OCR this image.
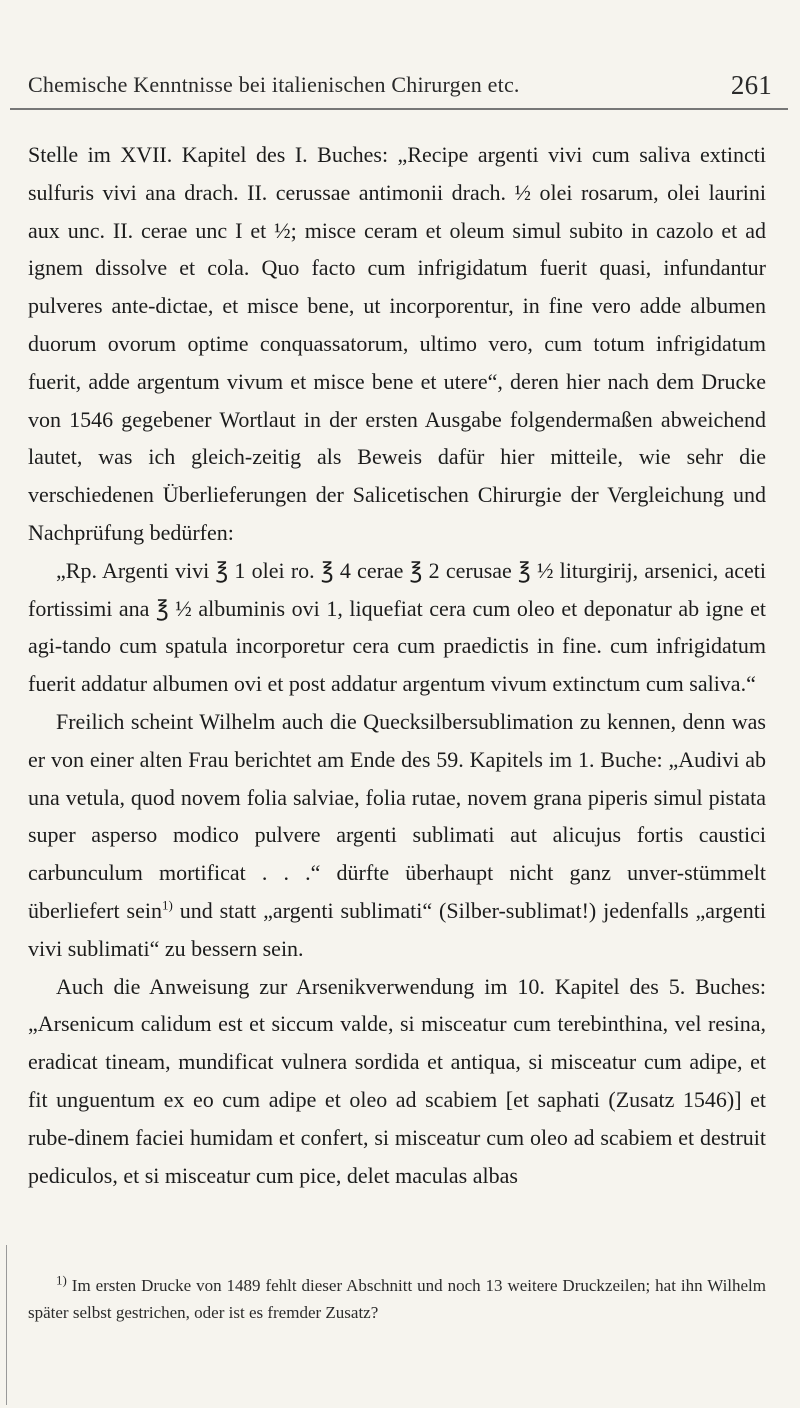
Chemische Kenntnisse bei italienischen Chirurgen etc.	261

Stelle im XVII. Kapitel des I. Buches: „Recipe argenti vivi cum saliva extincti sulfuris vivi ana drach. II. cerussae antimonii drach. ½ olei rosarum, olei laurini aux unc. II. cerae unc I et ½; misce ceram et oleum simul subito in cazolo et ad ignem dissolve et cola. Quo facto cum infrigidatum fuerit quasi, infundantur pulveres ante-dictae, et misce bene, ut incorporentur, in fine vero adde albumen duorum ovorum optime conquassatorum, ultimo vero, cum totum infrigidatum fuerit, adde argentum vivum et misce bene et utere“, deren hier nach dem Drucke von 1546 gegebener Wortlaut in der ersten Ausgabe folgendermaßen abweichend lautet, was ich gleich-zeitig als Beweis dafür hier mitteile, wie sehr die verschiedenen Überlieferungen der Salicetischen Chirurgie der Vergleichung und Nachprüfung bedürfen:

„Rp. Argenti vivi ℥ 1 olei ro. ℥ 4 cerae ℥ 2 cerusae ℥ ½ liturgirij, arsenici, aceti fortissimi ana ℥ ½ albuminis ovi 1, liquefiat cera cum oleo et deponatur ab igne et agi-tando cum spatula incorporetur cera cum praedictis in fine. cum infrigidatum fuerit addatur albumen ovi et post addatur argentum vivum extinctum cum saliva.“

Freilich scheint Wilhelm auch die Quecksilbersublimation zu kennen, denn was er von einer alten Frau berichtet am Ende des 59. Kapitels im 1. Buche: „Audivi ab una vetula, quod novem folia salviae, folia rutae, novem grana piperis simul pistata super asperso modico pulvere argenti sublimati aut alicujus fortis caustici carbunculum mortificat . . .“ dürfte überhaupt nicht ganz unver-stümmelt überliefert sein$^{1)}$ und statt „argenti sublimati“ (Silber-sublimat!) jedenfalls „argenti vivi sublimati“ zu bessern sein.

Auch die Anweisung zur Arsenikverwendung im 10. Kapitel des 5. Buches: „Arsenicum calidum est et siccum valde, si misceatur cum terebinthina, vel resina, eradicat tineam, mundificat vulnera sordida et antiqua, si misceatur cum adipe, et fit unguentum ex eo cum adipe et oleo ad scabiem [et saphati (Zusatz 1546)] et rube-dinem faciei humidam et confert, si misceatur cum oleo ad scabiem et destruit pediculos, et si misceatur cum pice, delet maculas albas

$^{1)}$ Im ersten Drucke von 1489 fehlt dieser Abschnitt und noch 13 weitere Druckzeilen; hat ihn Wilhelm später selbst gestrichen, oder ist es fremder Zusatz?
